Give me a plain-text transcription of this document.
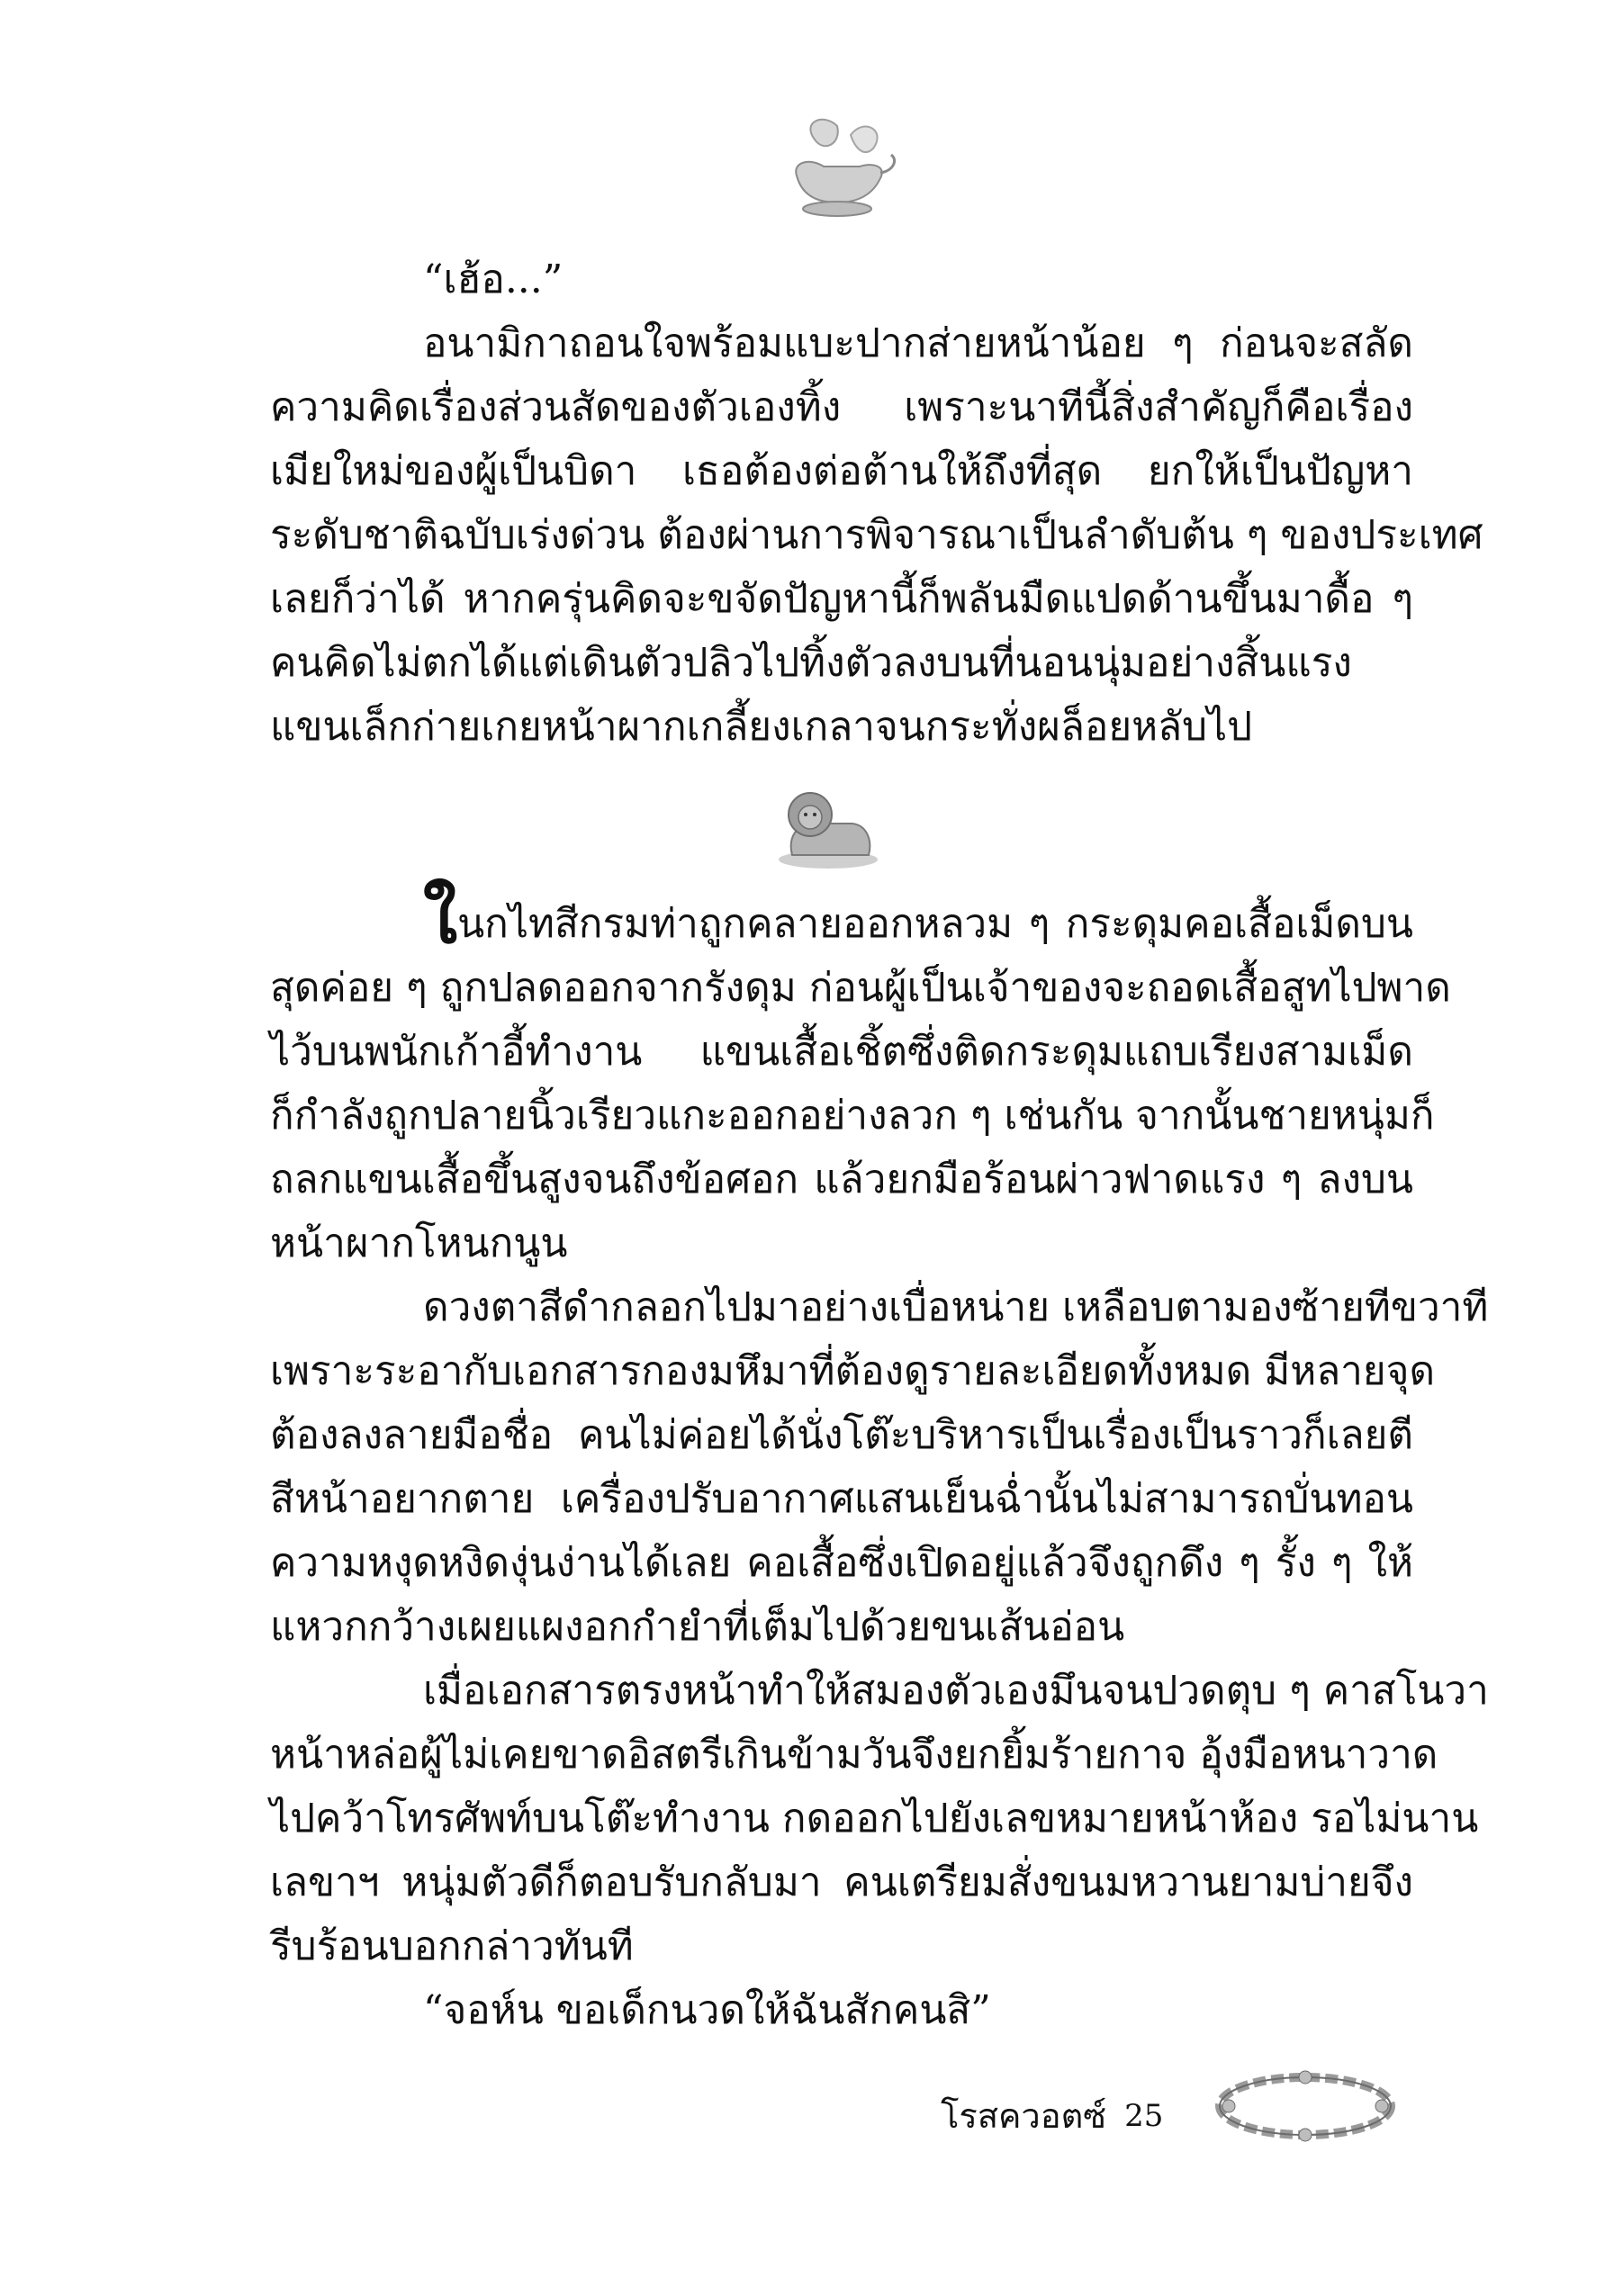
“เฮ้อ...”
อนามิกาถอนใจพร้อมแบะปากส่ายหน้าน้อย ๆ ก่อนจะสลัด
ความคิดเรื่องส่วนสัดของตัวเองทิ้ง เพราะนาทีนี้สิ่งสำคัญก็คือเรื่อง
เมียใหม่ของผู้เป็นบิดา เธอต้องต่อต้านให้ถึงที่สุด ยกให้เป็นปัญหา
ระดับชาติฉบับเร่งด่วน ต้องผ่านการพิจารณาเป็นลำดับต้น ๆ ของประเทศ
เลยก็ว่าได้ หากครุ่นคิดจะขจัดปัญหานี้ก็พลันมืดแปดด้านขึ้นมาดื้อ ๆ
คนคิดไม่ตกได้แต่เดินตัวปลิวไปทิ้งตัวลงบนที่นอนนุ่มอย่างสิ้นแรง
แขนเล็กก่ายเกยหน้าผากเกลี้ยงเกลาจนกระทั่งผล็อยหลับไป
ในกไทสีกรมท่าถูกคลายออกหลวม ๆ กระดุมคอเสื้อเม็ดบน
สุดค่อย ๆ ถูกปลดออกจากรังดุม ก่อนผู้เป็นเจ้าของจะถอดเสื้อสูทไปพาด
ไว้บนพนักเก้าอี้ทำงาน แขนเสื้อเชิ้ตซึ่งติดกระดุมแถบเรียงสามเม็ด
ก็กำลังถูกปลายนิ้วเรียวแกะออกอย่างลวก ๆ เช่นกัน จากนั้นชายหนุ่มก็
ถลกแขนเสื้อขึ้นสูงจนถึงข้อศอก แล้วยกมือร้อนผ่าวฟาดแรง ๆ ลงบน
หน้าผากโหนกนูน
ดวงตาสีดำกลอกไปมาอย่างเบื่อหน่าย เหลือบตามองซ้ายทีขวาที
เพราะระอากับเอกสารกองมหึมาที่ต้องดูรายละเอียดทั้งหมด มีหลายจุด
ต้องลงลายมือชื่อ คนไม่ค่อยได้นั่งโต๊ะบริหารเป็นเรื่องเป็นราวก็เลยตี
สีหน้าอยากตาย เครื่องปรับอากาศแสนเย็นฉ่ำนั้นไม่สามารถบั่นทอน
ความหงุดหงิดงุ่นง่านได้เลย คอเสื้อซึ่งเปิดอยู่แล้วจึงถูกดึง ๆ รั้ง ๆ ให้
แหวกกว้างเผยแผงอกกำยำที่เต็มไปด้วยขนเส้นอ่อน
เมื่อเอกสารตรงหน้าทำให้สมองตัวเองมึนจนปวดตุบ ๆ คาสโนวา
หน้าหล่อผู้ไม่เคยขาดอิสตรีเกินข้ามวันจึงยกยิ้มร้ายกาจ อุ้งมือหนาวาด
ไปคว้าโทรศัพท์บนโต๊ะทำงาน กดออกไปยังเลขหมายหน้าห้อง รอไม่นาน
เลขาฯ หนุ่มตัวดีก็ตอบรับกลับมา คนเตรียมสั่งขนมหวานยามบ่ายจึง
รีบร้อนบอกกล่าวทันที
“จอห์น ขอเด็กนวดให้ฉันสักคนสิ”
โรสควอตซ์ 25
